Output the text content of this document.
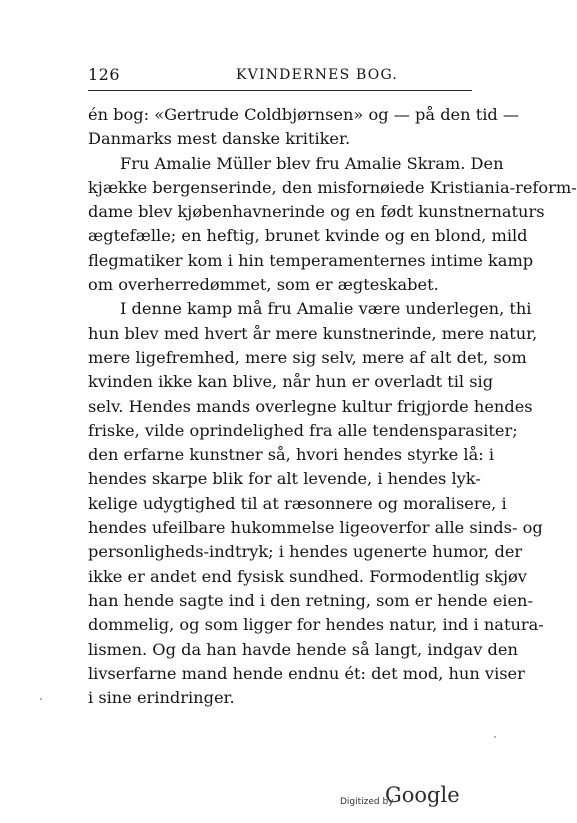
126	KVINDERNES BOG.
én bog: «Gertrude Coldbjørnsen» og — på den tid —
Danmarks mest danske kritiker.
Fru Amalie Müller blev fru Amalie Skram. Den
kjække bergenserinde, den misfornøiede Kristiania-reform-
dame blev kjøbenhavnerinde og en født kunstnernaturs
ægtefælle; en heftig, brunet kvinde og en blond, mild
flegmatiker kom i hin temperamenternes intime kamp
om overherredømmet, som er ægteskabet.
I denne kamp må fru Amalie være underlegen, thi
hun blev med hvert år mere kunstnerinde, mere natur,
mere ligefremhed, mere sig selv, mere af alt det, som
kvinden ikke kan blive, når hun er overladt til sig
selv. Hendes mands overlegne kultur frigjorde hendes
friske, vilde oprindelighed fra alle tendensparasiter;
den erfarne kunstner så, hvori hendes styrke lå: i
hendes skarpe blik for alt levende, i hendes lyk-
kelige udygtighed til at ræsonnere og moralisere, i
hendes ufeilbare hukommelse ligeoverfor alle sinds- og
personligheds-indtryk; i hendes ugenerte humor, der
ikke er andet end fysisk sundhed. Formodentlig skjøv
han hende sagte ind i den retning, som er hende eien-
dommelig, og som ligger for hendes natur, ind i natura-
lismen. Og da han havde hende så langt, indgav den
livserfarne mand hende endnu ét: det mod, hun viser
i sine erindringer.
Digitized by
Google
